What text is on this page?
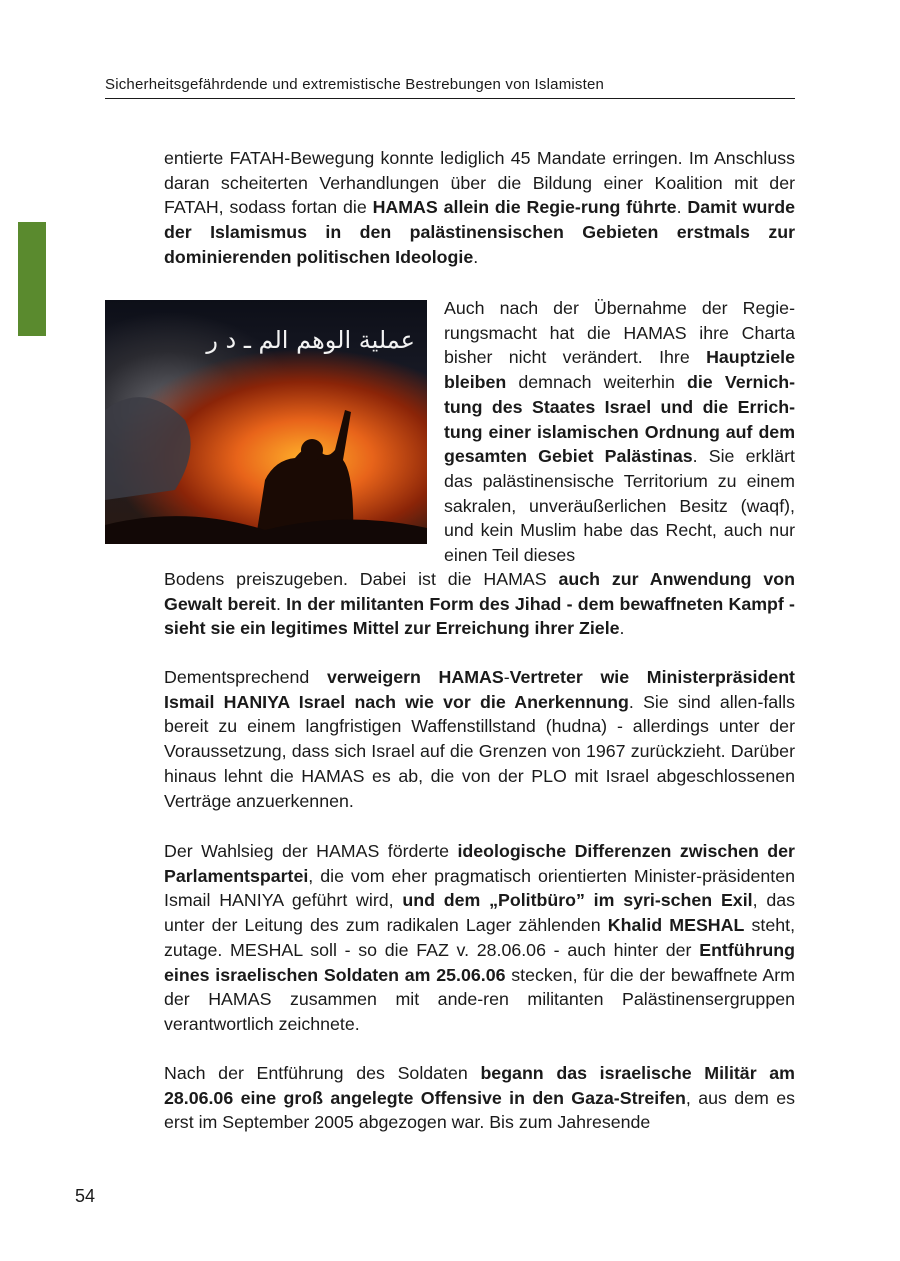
Sicherheitsgefährdende und extremistische Bestrebungen von Islamisten
entierte FATAH-Bewegung konnte lediglich 45 Mandate erringen. Im Anschluss daran scheiterten Verhandlungen über die Bildung einer Koalition mit der FATAH, sodass fortan die HAMAS allein die Regie-rung führte. Damit wurde der Islamismus in den palästinensischen Gebieten erstmals zur dominierenden politischen Ideologie.
عملية الوهم الم ـ د ر
Auch nach der Übernahme der Regie-rungsmacht hat die HAMAS ihre Charta bisher nicht verändert. Ihre Hauptziele bleiben demnach weiterhin die Vernich-tung des Staates Israel und die Errich-tung einer islamischen Ordnung auf dem gesamten Gebiet Palästinas. Sie erklärt das palästinensische Territorium zu einem sakralen, unveräußerlichen Besitz (waqf), und kein Muslim habe das Recht, auch nur einen Teil dieses
Bodens preiszugeben. Dabei ist die HAMAS auch zur Anwendung von Gewalt bereit. In der militanten Form des Jihad - dem bewaffneten Kampf - sieht sie ein legitimes Mittel zur Erreichung ihrer Ziele.
Dementsprechend verweigern HAMAS-Vertreter wie Ministerpräsident Ismail HANIYA Israel nach wie vor die Anerkennung. Sie sind allen-falls bereit zu einem langfristigen Waffenstillstand (hudna) - allerdings unter der Voraussetzung, dass sich Israel auf die Grenzen von 1967 zurückzieht. Darüber hinaus lehnt die HAMAS es ab, die von der PLO mit Israel abgeschlossenen Verträge anzuerkennen.
Der Wahlsieg der HAMAS förderte ideologische Differenzen zwischen der Parlamentspartei, die vom eher pragmatisch orientierten Minister-präsidenten Ismail HANIYA geführt wird, und dem „Politbüro” im syri-schen Exil, das unter der Leitung des zum radikalen Lager zählenden Khalid MESHAL steht, zutage. MESHAL soll - so die FAZ v. 28.06.06 - auch hinter der Entführung eines israelischen Soldaten am 25.06.06 stecken, für die der bewaffnete Arm der HAMAS zusammen mit ande-ren militanten Palästinensergruppen verantwortlich zeichnete.
Nach der Entführung des Soldaten begann das israelische Militär am 28.06.06 eine groß angelegte Offensive in den Gaza-Streifen, aus dem es erst im September 2005 abgezogen war. Bis zum Jahresende
54
